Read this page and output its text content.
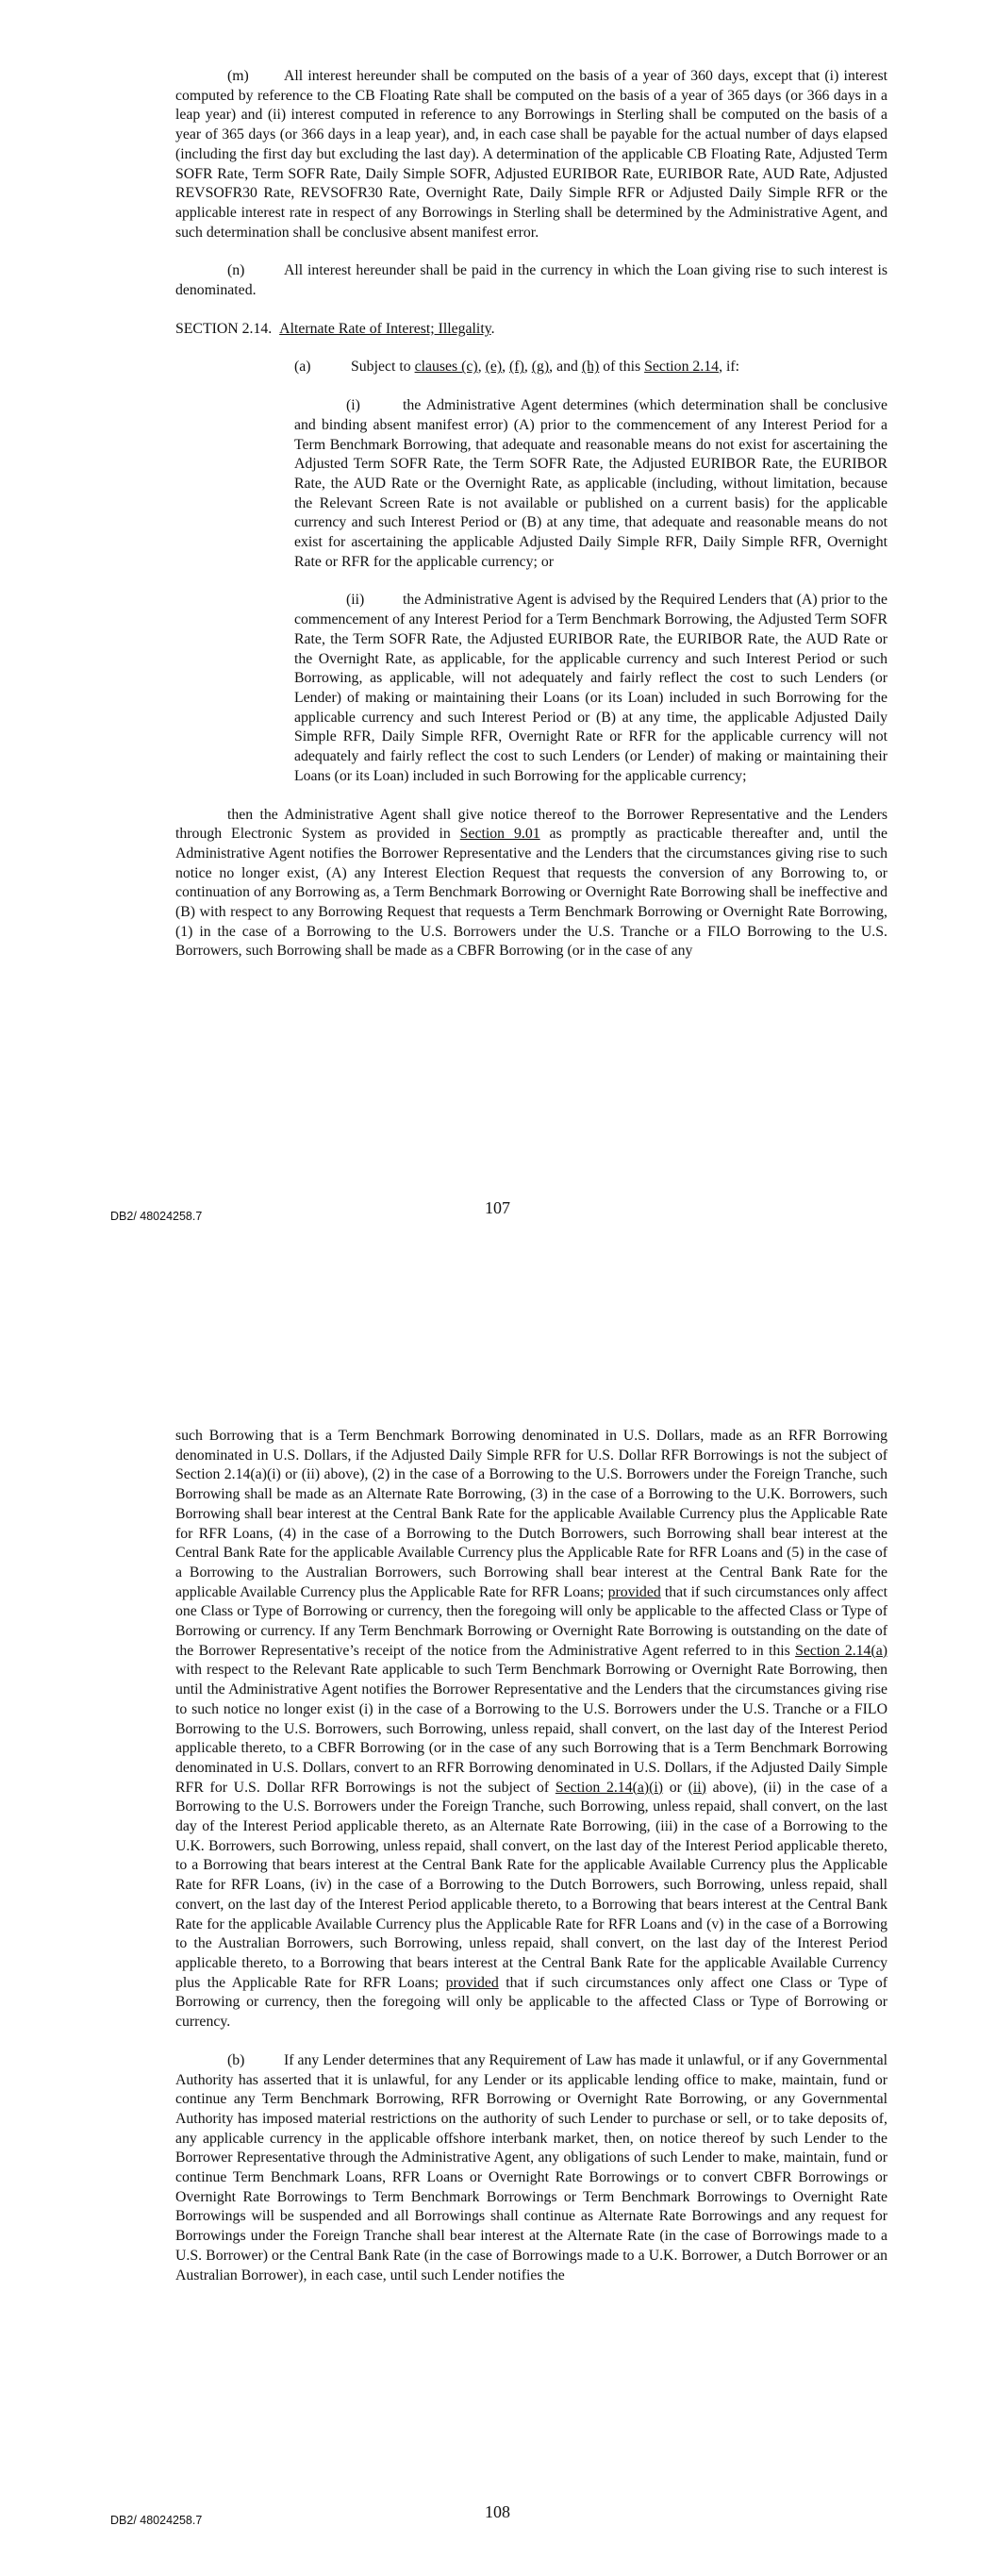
(m) All interest hereunder shall be computed on the basis of a year of 360 days, except that (i) interest computed by reference to the CB Floating Rate shall be computed on the basis of a year of 365 days (or 366 days in a leap year) and (ii) interest computed in reference to any Borrowings in Sterling shall be computed on the basis of a year of 365 days (or 366 days in a leap year), and, in each case shall be payable for the actual number of days elapsed (including the first day but excluding the last day). A determination of the applicable CB Floating Rate, Adjusted Term SOFR Rate, Term SOFR Rate, Daily Simple SOFR, Adjusted EURIBOR Rate, EURIBOR Rate, AUD Rate, Adjusted REVSOFR30 Rate, REVSOFR30 Rate, Overnight Rate, Daily Simple RFR or Adjusted Daily Simple RFR or the applicable interest rate in respect of any Borrowings in Sterling shall be determined by the Administrative Agent, and such determination shall be conclusive absent manifest error.

(n)	All interest hereunder shall be paid in the currency in which the Loan giving rise to such interest is denominated.

SECTION 2.14. Alternate Rate of Interest; Illegality.

(a)	Subject to clauses (c), (e), (f), (g), and (h) of this Section 2.14, if:

(i)	the Administrative Agent determines (which determination shall be conclusive and binding absent manifest error) (A) prior to the commencement of any Interest Period for a Term Benchmark Borrowing, that adequate and reasonable means do not exist for ascertaining the Adjusted Term SOFR Rate, the Term SOFR Rate, the Adjusted EURIBOR Rate, the EURIBOR Rate, the AUD Rate or the Overnight Rate, as applicable (including, without limitation, because the Relevant Screen Rate is not available or published on a current basis) for the applicable currency and such Interest Period or (B) at any time, that adequate and reasonable means do not exist for ascertaining the applicable Adjusted Daily Simple RFR, Daily Simple RFR, Overnight Rate or RFR for the applicable currency; or

(ii)	the Administrative Agent is advised by the Required Lenders that (A) prior to the commencement of any Interest Period for a Term Benchmark Borrowing, the Adjusted Term SOFR Rate, the Term SOFR Rate, the Adjusted EURIBOR Rate, the EURIBOR Rate, the AUD Rate or the Overnight Rate, as applicable, for the applicable currency and such Interest Period or such Borrowing, as applicable, will not adequately and fairly reflect the cost to such Lenders (or Lender) of making or maintaining their Loans (or its Loan) included in such Borrowing for the applicable currency and such Interest Period or (B) at any time, the applicable Adjusted Daily Simple RFR, Daily Simple RFR, Overnight Rate or RFR for the applicable currency will not adequately and fairly reflect the cost to such Lenders (or Lender) of making or maintaining their Loans (or its Loan) included in such Borrowing for the applicable currency;

then the Administrative Agent shall give notice thereof to the Borrower Representative and the Lenders through Electronic System as provided in Section 9.01 as promptly as practicable thereafter and, until the Administrative Agent notifies the Borrower Representative and the Lenders that the circumstances giving rise to such notice no longer exist, (A) any Interest Election Request that requests the conversion of any Borrowing to, or continuation of any Borrowing as, a Term Benchmark Borrowing or Overnight Rate Borrowing shall be ineffective and (B) with respect to any Borrowing Request that requests a Term Benchmark Borrowing or Overnight Rate Borrowing, (1) in the case of a Borrowing to the U.S. Borrowers under the U.S. Tranche or a FILO Borrowing to the U.S. Borrowers, such Borrowing shall be made as a CBFR Borrowing (or in the case of any

DB2/ 48024258.7	107

such Borrowing that is a Term Benchmark Borrowing denominated in U.S. Dollars, made as an RFR Borrowing denominated in U.S. Dollars, if the Adjusted Daily Simple RFR for U.S. Dollar RFR Borrowings is not the subject of Section 2.14(a)(i) or (ii) above), (2) in the case of a Borrowing to the U.S. Borrowers under the Foreign Tranche, such Borrowing shall be made as an Alternate Rate Borrowing, (3) in the case of a Borrowing to the U.K. Borrowers, such Borrowing shall bear interest at the Central Bank Rate for the applicable Available Currency plus the Applicable Rate for RFR Loans, (4) in the case of a Borrowing to the Dutch Borrowers, such Borrowing shall bear interest at the Central Bank Rate for the applicable Available Currency plus the Applicable Rate for RFR Loans and (5) in the case of a Borrowing to the Australian Borrowers, such Borrowing shall bear interest at the Central Bank Rate for the applicable Available Currency plus the Applicable Rate for RFR Loans; provided that if such circumstances only affect one Class or Type of Borrowing or currency, then the foregoing will only be applicable to the affected Class or Type of Borrowing or currency. If any Term Benchmark Borrowing or Overnight Rate Borrowing is outstanding on the date of the Borrower Representative’s receipt of the notice from the Administrative Agent referred to in this Section 2.14(a) with respect to the Relevant Rate applicable to such Term Benchmark Borrowing or Overnight Rate Borrowing, then until the Administrative Agent notifies the Borrower Representative and the Lenders that the circumstances giving rise to such notice no longer exist (i) in the case of a Borrowing to the U.S. Borrowers under the U.S. Tranche or a FILO Borrowing to the U.S. Borrowers, such Borrowing, unless repaid, shall convert, on the last day of the Interest Period applicable thereto, to a CBFR Borrowing (or in the case of any such Borrowing that is a Term Benchmark Borrowing denominated in U.S. Dollars, convert to an RFR Borrowing denominated in U.S. Dollars, if the Adjusted Daily Simple RFR for U.S. Dollar RFR Borrowings is not the subject of Section 2.14(a)(i) or (ii) above), (ii) in the case of a Borrowing to the U.S. Borrowers under the Foreign Tranche, such Borrowing, unless repaid, shall convert, on the last day of the Interest Period applicable thereto, as an Alternate Rate Borrowing, (iii) in the case of a Borrowing to the U.K. Borrowers, such Borrowing, unless repaid, shall convert, on the last day of the Interest Period applicable thereto, to a Borrowing that bears interest at the Central Bank Rate for the applicable Available Currency plus the Applicable Rate for RFR Loans, (iv) in the case of a Borrowing to the Dutch Borrowers, such Borrowing, unless repaid, shall convert, on the last day of the Interest Period applicable thereto, to a Borrowing that bears interest at the Central Bank Rate for the applicable Available Currency plus the Applicable Rate for RFR Loans and (v) in the case of a Borrowing to the Australian Borrowers, such Borrowing, unless repaid, shall convert, on the last day of the Interest Period applicable thereto, to a Borrowing that bears interest at the Central Bank Rate for the applicable Available Currency plus the Applicable Rate for RFR Loans; provided that if such circumstances only affect one Class or Type of Borrowing or currency, then the foregoing will only be applicable to the affected Class or Type of Borrowing or currency.

(b)	If any Lender determines that any Requirement of Law has made it unlawful, or if any Governmental Authority has asserted that it is unlawful, for any Lender or its applicable lending office to make, maintain, fund or continue any Term Benchmark Borrowing, RFR Borrowing or Overnight Rate Borrowing, or any Governmental Authority has imposed material restrictions on the authority of such Lender to purchase or sell, or to take deposits of, any applicable currency in the applicable offshore interbank market, then, on notice thereof by such Lender to the Borrower Representative through the Administrative Agent, any obligations of such Lender to make, maintain, fund or continue Term Benchmark Loans, RFR Loans or Overnight Rate Borrowings or to convert CBFR Borrowings or Overnight Rate Borrowings to Term Benchmark Borrowings or Term Benchmark Borrowings to Overnight Rate Borrowings will be suspended and all Borrowings shall continue as Alternate Rate Borrowings and any request for Borrowings under the Foreign Tranche shall bear interest at the Alternate Rate (in the case of Borrowings made to a U.S. Borrower) or the Central Bank Rate (in the case of Borrowings made to a U.K. Borrower, a Dutch Borrower or an Australian Borrower), in each case, until such Lender notifies the

DB2/ 48024258.7	108
